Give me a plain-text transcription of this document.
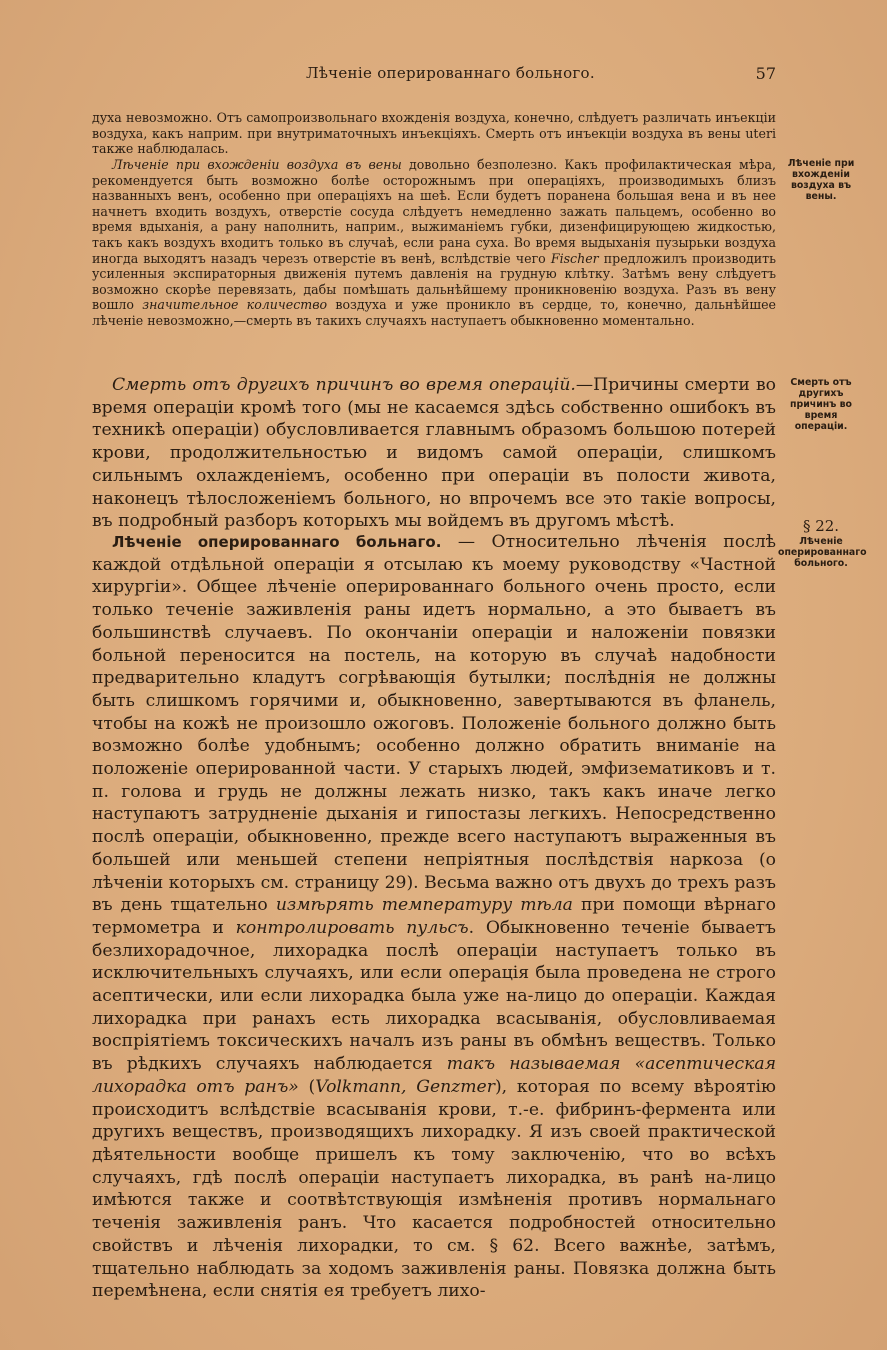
Лѣченіе оперированнаго больного.	57

духа невозможно. Отъ самопроизвольнаго вхожденія воздуха, конечно, слѣдуетъ различать инъекціи воздуха, какъ наприм. при внутриматочныхъ инъекціяхъ. Смерть отъ инъекціи воздуха въ вены uteri также наблюдалась.

Лѣченіе при вхожденіи воздуха въ вены довольно безполезно. Какъ профилактическая мѣра, рекомендуется быть возможно болѣе осторожнымъ при операціяхъ, производимыхъ близъ названныхъ венъ, особенно при операціяхъ на шеѣ. Если будетъ поранена большая вена и въ нее начнетъ входить воздухъ, отверстіе сосуда слѣдуетъ немедленно зажать пальцемъ, особенно во время вдыханія, а рану наполнить, наприм., выжиманіемъ губки, дизенфицирующею жидкостью, такъ какъ воздухъ входитъ только въ случаѣ, если рана суха. Во время выдыханія пузырьки воздуха иногда выходятъ назадъ черезъ отверстіе въ венѣ, вслѣдствіе чего Fischer предложилъ производить усиленныя экспираторныя движенія путемъ давленія на грудную клѣтку. Затѣмъ вену слѣдуетъ возможно скорѣе перевязать, дабы помѣшать дальнѣйшему проникновенію воздуха. Разъ въ вену вошло значительное количество воздуха и уже проникло въ сердце, то, конечно, дальнѣйшее лѣченіе невозможно,—смерть въ такихъ случаяхъ наступаетъ обыкновенно моментально.

Смерть отъ другихъ причинъ во время операцій.—Причины смерти во время операціи кромѣ того (мы не касаемся здѣсь собственно ошибокъ въ техникѣ операціи) обусловливается главнымъ образомъ большою потерей крови, продолжительностью и видомъ самой операціи, слишкомъ сильнымъ охлажденіемъ, особенно при операціи въ полости живота, наконецъ тѣлосложеніемъ больного, но впрочемъ все это такіе вопросы, въ подробный разборъ которыхъ мы войдемъ въ другомъ мѣстѣ.

Лѣченіе оперированнаго больнаго. — Относительно лѣченія послѣ каждой отдѣльной операціи я отсылаю къ моему руководству «Частной хирургіи». Общее лѣченіе оперированнаго больного очень просто, если только теченіе заживленія раны идетъ нормально, а это бываетъ въ большинствѣ случаевъ. По окончаніи операціи и наложеніи повязки больной переносится на постель, на которую въ случаѣ надобности предварительно кладутъ согрѣвающія бутылки; послѣднія не должны быть слишкомъ горячими и, обыкновенно, завертываются въ фланель, чтобы на кожѣ не произошло ожоговъ. Положеніе больного должно быть возможно болѣе удобнымъ; особенно должно обратить вниманіе на положеніе оперированной части. У старыхъ людей, эмфизематиковъ и т. п. голова и грудь не должны лежать низко, такъ какъ иначе легко наступаютъ затрудненіе дыханія и гипостазы легкихъ. Непосредственно послѣ операціи, обыкновенно, прежде всего наступаютъ выраженныя въ большей или меньшей степени непріятныя послѣдствія наркоза (о лѣченіи которыхъ см. страницу 29). Весьма важно отъ двухъ до трехъ разъ въ день тщательно измѣрять температуру тѣла при помощи вѣрнаго термометра и контролировать пульсъ. Обыкновенно теченіе бываетъ безлихорадочное, лихорадка послѣ операціи наступаетъ только въ исключительныхъ случаяхъ, или если операція была проведена не строго асептически, или если лихорадка была уже на-лицо до операціи. Каждая лихорадка при ранахъ есть лихорадка всасыванія, обусловливаемая воспріятіемъ токсическихъ началъ изъ раны въ обмѣнъ веществъ. Только въ рѣдкихъ случаяхъ наблюдается такъ называемая «асептическая лихорадка отъ ранъ» (Volkmann, Genzmer), которая по всему вѣроятію происходитъ вслѣдствіе всасыванія крови, т.-е. фибринъ-фермента или другихъ веществъ, производящихъ лихорадку. Я изъ своей практической дѣятельности вообще пришелъ къ тому заключенію, что во всѣхъ случаяхъ, гдѣ послѣ операціи наступаетъ лихорадка, въ ранѣ на-лицо имѣются также и соотвѣтствующія измѣненія противъ нормальнаго теченія заживленія ранъ. Что касается подробностей относительно свойствъ и лѣченія лихорадки, то см. § 62. Всего важнѣе, затѣмъ, тщательно наблюдать за ходомъ заживленія раны. Повязка должна быть перемѣнена, если снятія ея требуетъ лихо-

Лѣченіе при вхожденіи воздуха въ вены.
Смерть отъ другихъ причинъ во время операціи.
§ 22.
Лѣченіе оперированнаго больного.
